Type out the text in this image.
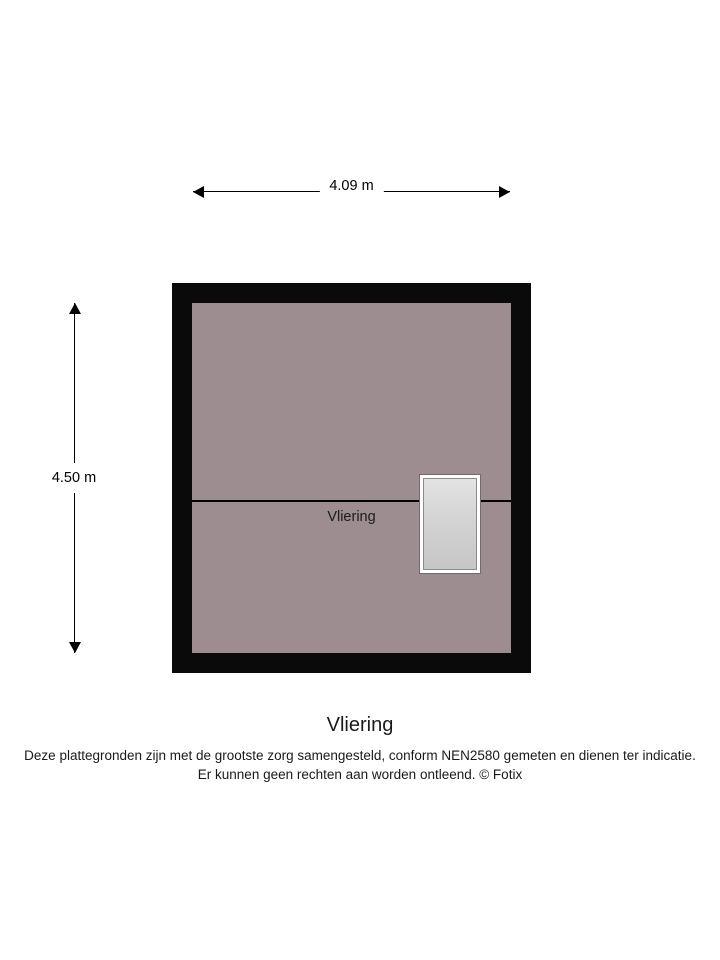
4.09 m
4.50 m
Vliering
Vliering
Deze plattegronden zijn met de grootste zorg samengesteld, conform NEN2580 gemeten en dienen ter indicatie.
Er kunnen geen rechten aan worden ontleend. © Fotix
